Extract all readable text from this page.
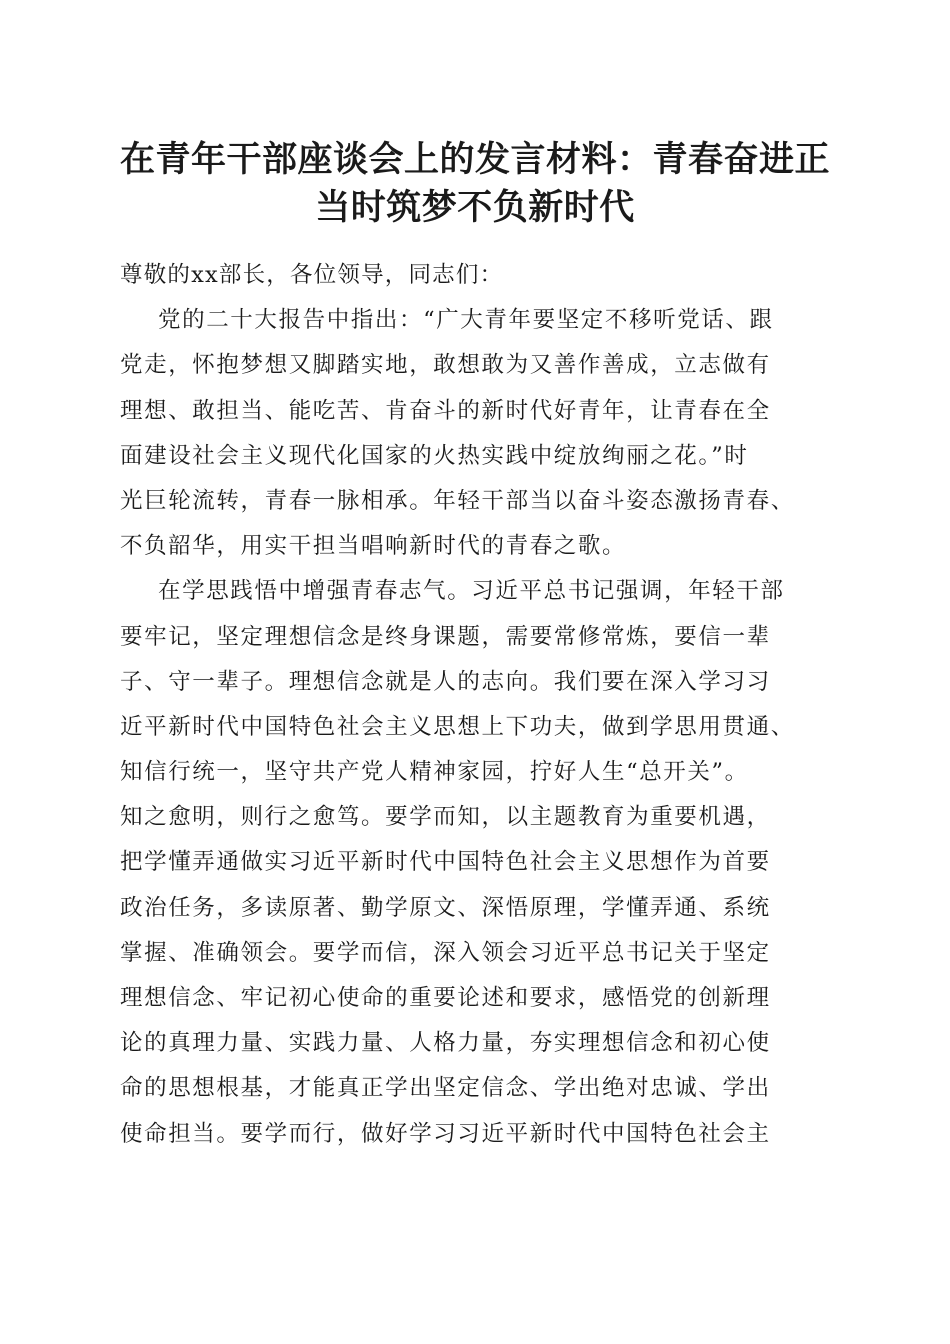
在青年干部座谈会上的发言材料：青春奋进正
当时筑梦不负新时代
尊敬的xx部长，各位领导，同志们：
党的二十大报告中指出：“广大青年要坚定不移听党话、跟
党走，怀抱梦想又脚踏实地，敢想敢为又善作善成，立志做有
理想、敢担当、能吃苦、肯奋斗的新时代好青年，让青春在全
面建设社会主义现代化国家的火热实践中绽放绚丽之花。”时
光巨轮流转，青春一脉相承。年轻干部当以奋斗姿态激扬青春、
不负韶华，用实干担当唱响新时代的青春之歌。
在学思践悟中增强青春志气。习近平总书记强调，年轻干部
要牢记，坚定理想信念是终身课题，需要常修常炼，要信一辈
子、守一辈子。理想信念就是人的志向。我们要在深入学习习
近平新时代中国特色社会主义思想上下功夫，做到学思用贯通、
知信行统一，坚守共产党人精神家园，拧好人生“总开关”。
知之愈明，则行之愈笃。要学而知，以主题教育为重要机遇，
把学懂弄通做实习近平新时代中国特色社会主义思想作为首要
政治任务，多读原著、勤学原文、深悟原理，学懂弄通、系统
掌握、准确领会。要学而信，深入领会习近平总书记关于坚定
理想信念、牢记初心使命的重要论述和要求，感悟党的创新理
论的真理力量、实践力量、人格力量，夯实理想信念和初心使
命的思想根基，才能真正学出坚定信念、学出绝对忠诚、学出
使命担当。要学而行，做好学习习近平新时代中国特色社会主
